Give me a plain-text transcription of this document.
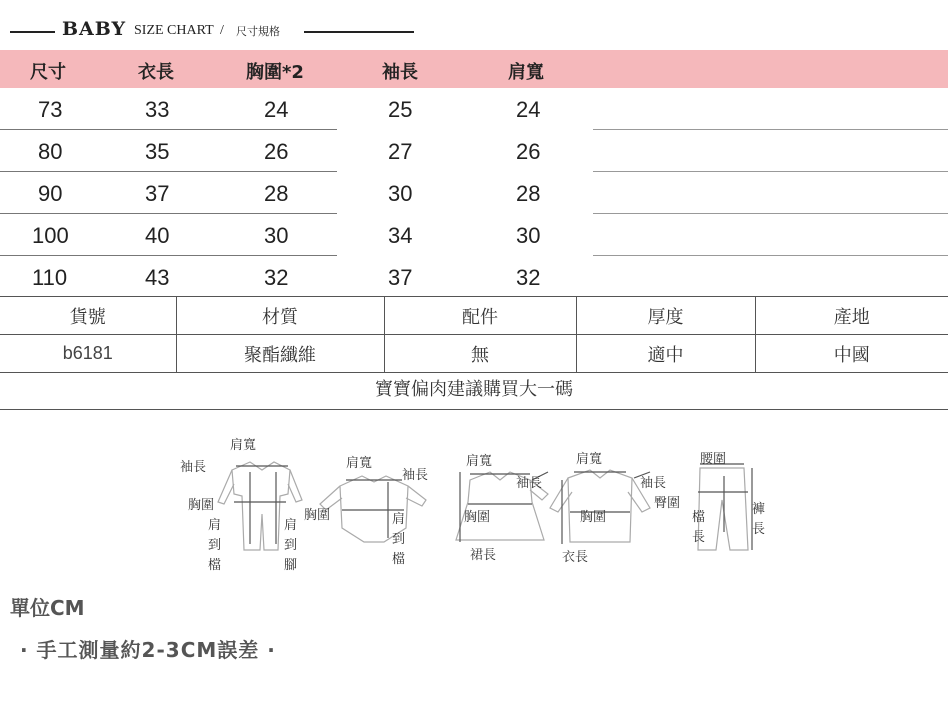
BABY SIZE CHART / 尺寸規格
尺寸	衣長	胸圍*2	袖長	肩寬
73	33	24	25	24
80	35	26	27	26
90	37	28	30	28
100	40	30	34	30
110	43	32	37	32
貨號	材質	配件	厚度	產地
b6181	聚酯纖維	無	適中	中國
寶寶偏肉建議購買大一碼
肩寬
袖長
胸圍
肩
到
檔
肩
到
腳
肩寬
袖長
胸圍	肩
到
檔
肩寬
袖長
胸圍
裙長
肩寬
袖長
胸圍
衣長
腰圍
臀圍
檔
長
褲
長
單位CM
· 手工測量約2-3CM誤差 ·
